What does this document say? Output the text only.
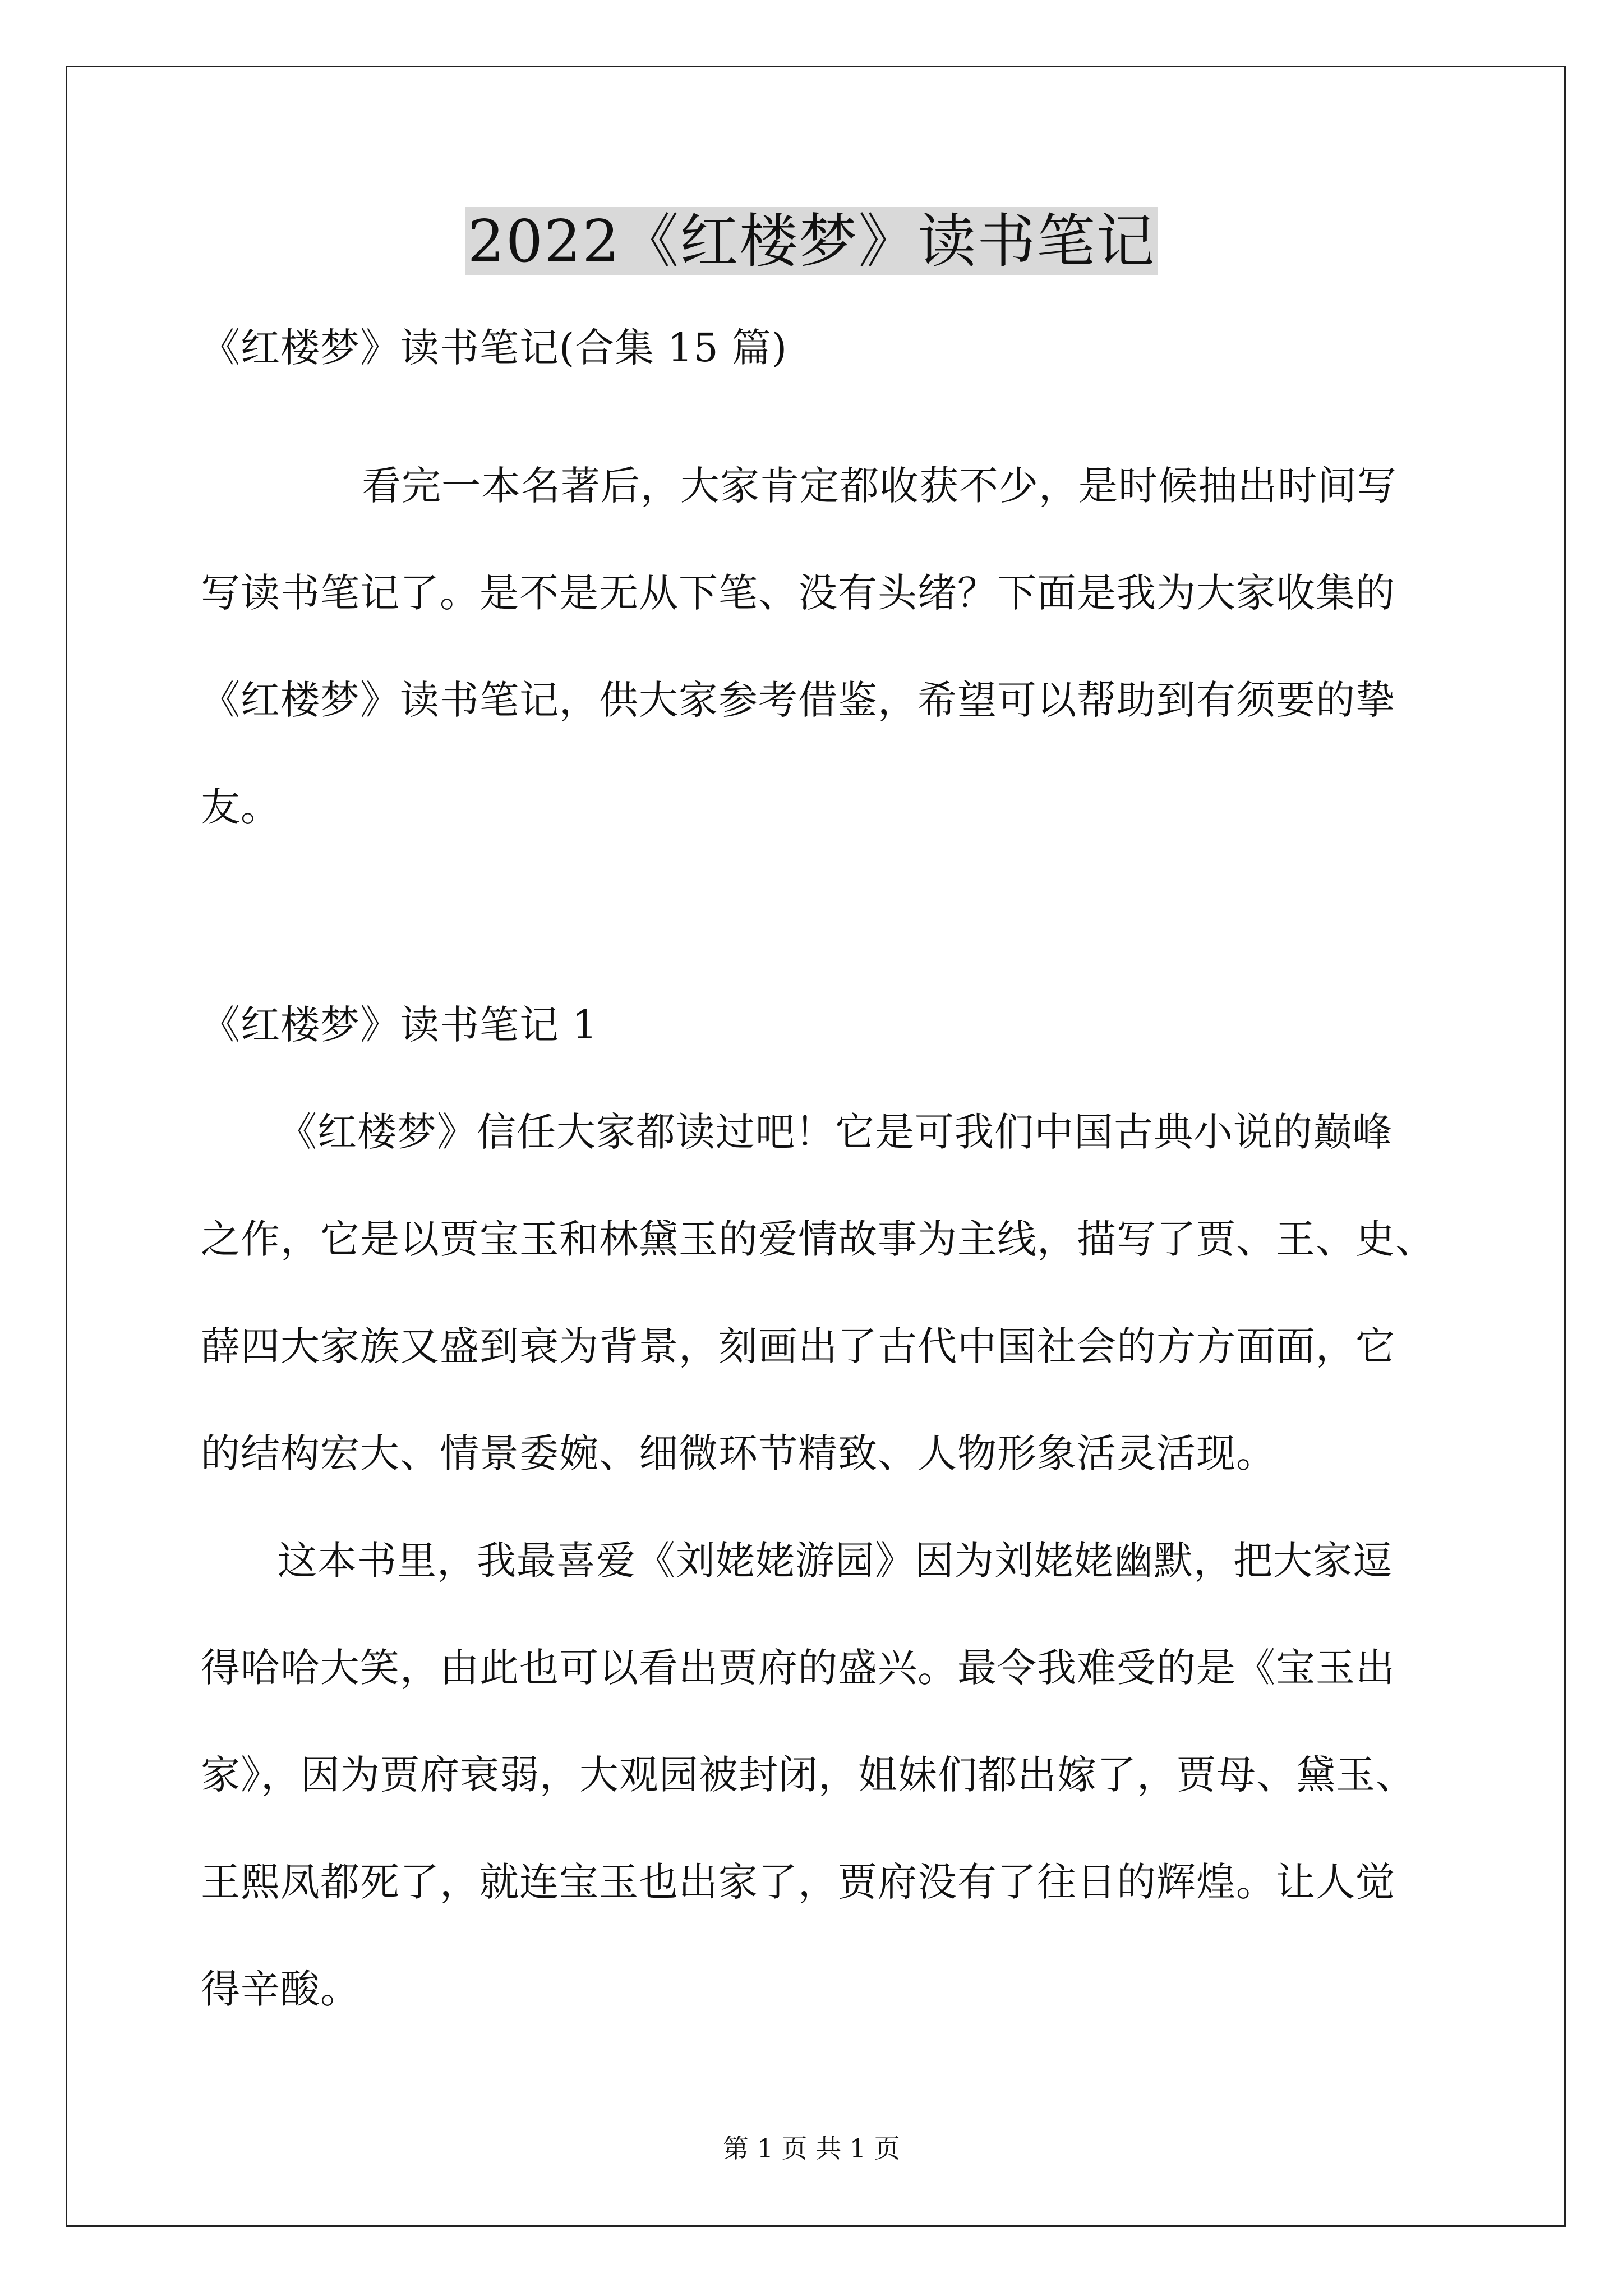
2022《红楼梦》读书笔记
《红楼梦》读书笔记(合集 15 篇)
看完一本名著后，大家肯定都收获不少，是时候抽出时间写
写读书笔记了。是不是无从下笔、没有头绪？下面是我为大家收集的
《红楼梦》读书笔记，供大家参考借鉴，希望可以帮助到有须要的挚
友。
《红楼梦》读书笔记 1
《红楼梦》信任大家都读过吧！它是可我们中国古典小说的巅峰
之作，它是以贾宝玉和林黛玉的爱情故事为主线，描写了贾、王、史、
薛四大家族又盛到衰为背景，刻画出了古代中国社会的方方面面，它
的结构宏大、情景委婉、细微环节精致、人物形象活灵活现。
这本书里，我最喜爱《刘姥姥游园》因为刘姥姥幽默，把大家逗
得哈哈大笑，由此也可以看出贾府的盛兴。最令我难受的是《宝玉出
家》，因为贾府衰弱，大观园被封闭，姐妹们都出嫁了，贾母、黛玉、
王熙凤都死了，就连宝玉也出家了，贾府没有了往日的辉煌。让人觉
得辛酸。
第 1 页 共 1 页
